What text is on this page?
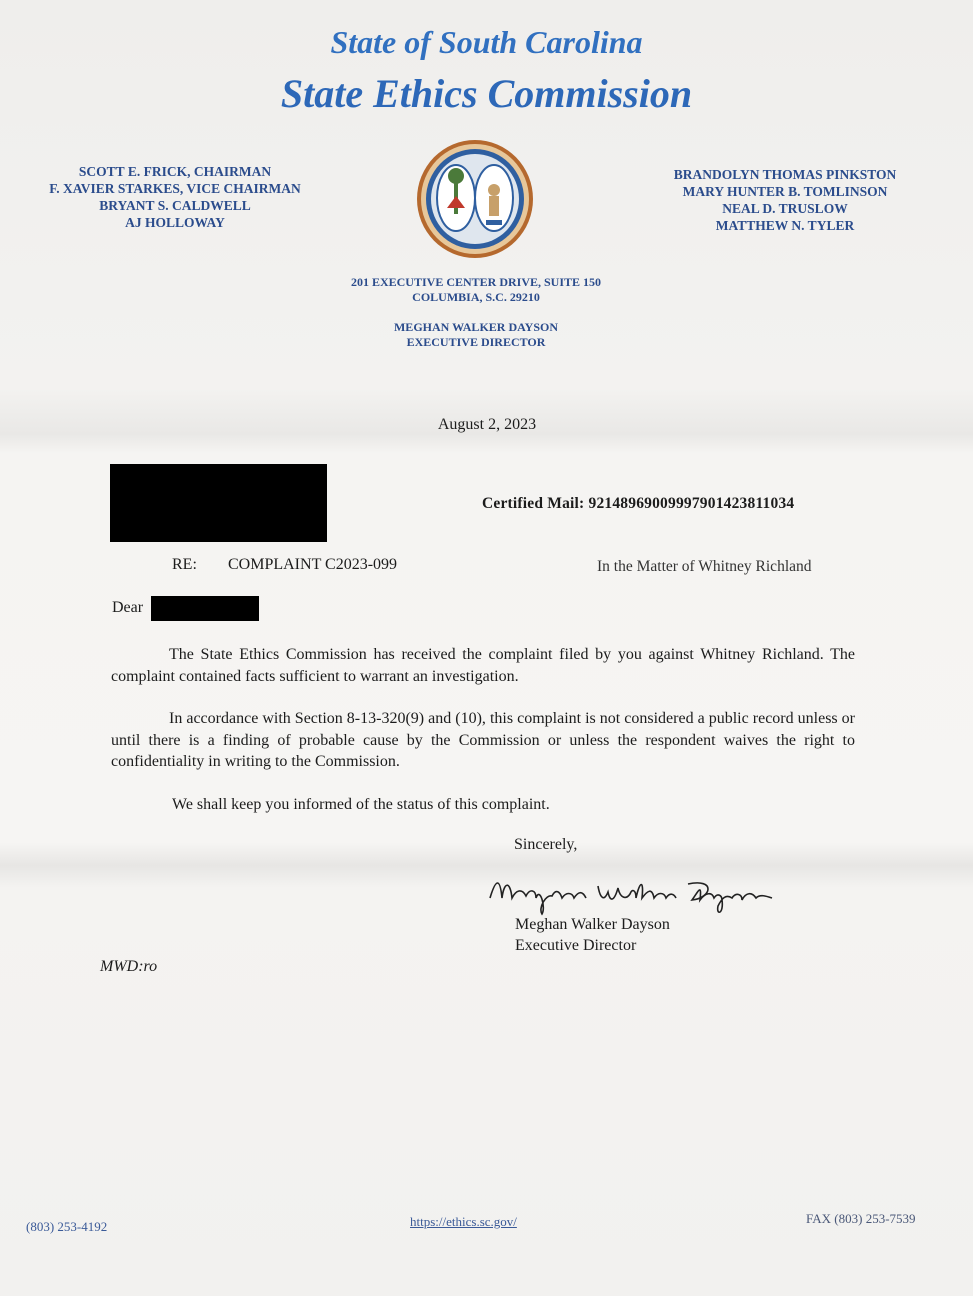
State of South Carolina
State Ethics Commission
SCOTT E. FRICK, CHAIRMAN
F. XAVIER STARKES, VICE CHAIRMAN
BRYANT S. CALDWELL
AJ HOLLOWAY
BRANDOLYN THOMAS PINKSTON
MARY HUNTER B. TOMLINSON
NEAL D. TRUSLOW
MATTHEW N. TYLER
201 EXECUTIVE CENTER DRIVE, SUITE 150
COLUMBIA, S.C. 29210
MEGHAN WALKER DAYSON
EXECUTIVE DIRECTOR
August 2, 2023
Certified Mail: 9214896900999790142381103​4
RE: COMPLAINT C2023-099	In the Matter of Whitney Richland
Dear
The State Ethics Commission has received the complaint filed by you against Whitney Richland. The complaint contained facts sufficient to warrant an investigation.
In accordance with Section 8-13-320(9) and (10), this complaint is not considered a public record unless or until there is a finding of probable cause by the Commission or unless the respondent waives the right to confidentiality in writing to the Commission.
We shall keep you informed of the status of this complaint.
Sincerely,
Meghan Walker Dayson
Executive Director
MWD:ro
(803) 253-4192	https://ethics.sc.gov/	FAX (803) 253-7539
